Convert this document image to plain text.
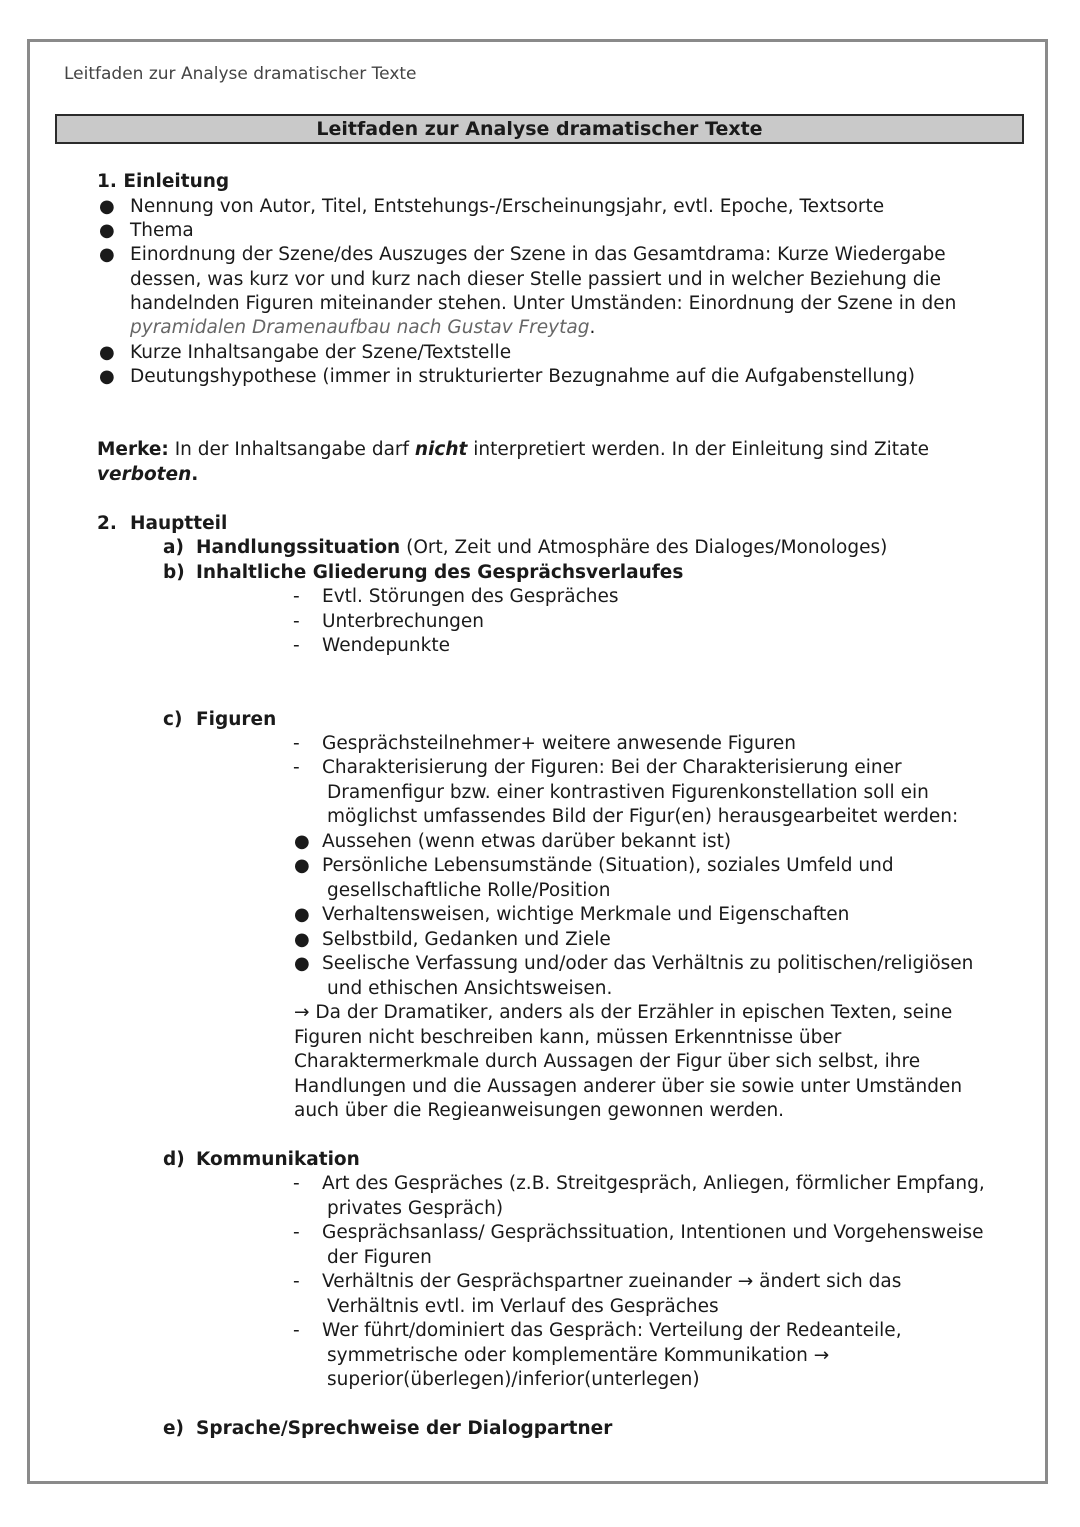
Leitfaden zur Analyse dramatischer Texte
Leitfaden zur Analyse dramatischer Texte
1. Einleitung
● Nennung von Autor, Titel, Entstehungs-/Erscheinungsjahr, evtl. Epoche, Textsorte
● Thema
● Einordnung der Szene/des Auszuges der Szene in das Gesamtdrama: Kurze Wiedergabe
dessen, was kurz vor und kurz nach dieser Stelle passiert und in welcher Beziehung die
handelnden Figuren miteinander stehen. Unter Umständen: Einordnung der Szene in den
pyramidalen Dramenaufbau nach Gustav Freytag.
● Kurze Inhaltsangabe der Szene/Textstelle
● Deutungshypothese (immer in strukturierter Bezugnahme auf die Aufgabenstellung)
Merke: In der Inhaltsangabe darf nicht interpretiert werden. In der Einleitung sind Zitate
verboten.
2. Hauptteil
a) Handlungssituation (Ort, Zeit und Atmosphäre des Dialoges/Monologes)
b) Inhaltliche Gliederung des Gesprächsverlaufes
- Evtl. Störungen des Gespräches
- Unterbrechungen
- Wendepunkte
c) Figuren
- Gesprächsteilnehmer+ weitere anwesende Figuren
- Charakterisierung der Figuren: Bei der Charakterisierung einer
Dramenfigur bzw. einer kontrastiven Figurenkonstellation soll ein
möglichst umfassendes Bild der Figur(en) herausgearbeitet werden:
● Aussehen (wenn etwas darüber bekannt ist)
● Persönliche Lebensumstände (Situation), soziales Umfeld und
gesellschaftliche Rolle/Position
● Verhaltensweisen, wichtige Merkmale und Eigenschaften
● Selbstbild, Gedanken und Ziele
● Seelische Verfassung und/oder das Verhältnis zu politischen/religiösen
und ethischen Ansichtsweisen.
→ Da der Dramatiker, anders als der Erzähler in epischen Texten, seine
Figuren nicht beschreiben kann, müssen Erkenntnisse über
Charaktermerkmale durch Aussagen der Figur über sich selbst, ihre
Handlungen und die Aussagen anderer über sie sowie unter Umständen
auch über die Regieanweisungen gewonnen werden.
d) Kommunikation
- Art des Gespräches (z.B. Streitgespräch, Anliegen, förmlicher Empfang,
privates Gespräch)
- Gesprächsanlass/ Gesprächssituation, Intentionen und Vorgehensweise
der Figuren
- Verhältnis der Gesprächspartner zueinander → ändert sich das
Verhältnis evtl. im Verlauf des Gespräches
- Wer führt/dominiert das Gespräch: Verteilung der Redeanteile,
symmetrische oder komplementäre Kommunikation →
superior(überlegen)/inferior(unterlegen)
e) Sprache/Sprechweise der Dialogpartner
